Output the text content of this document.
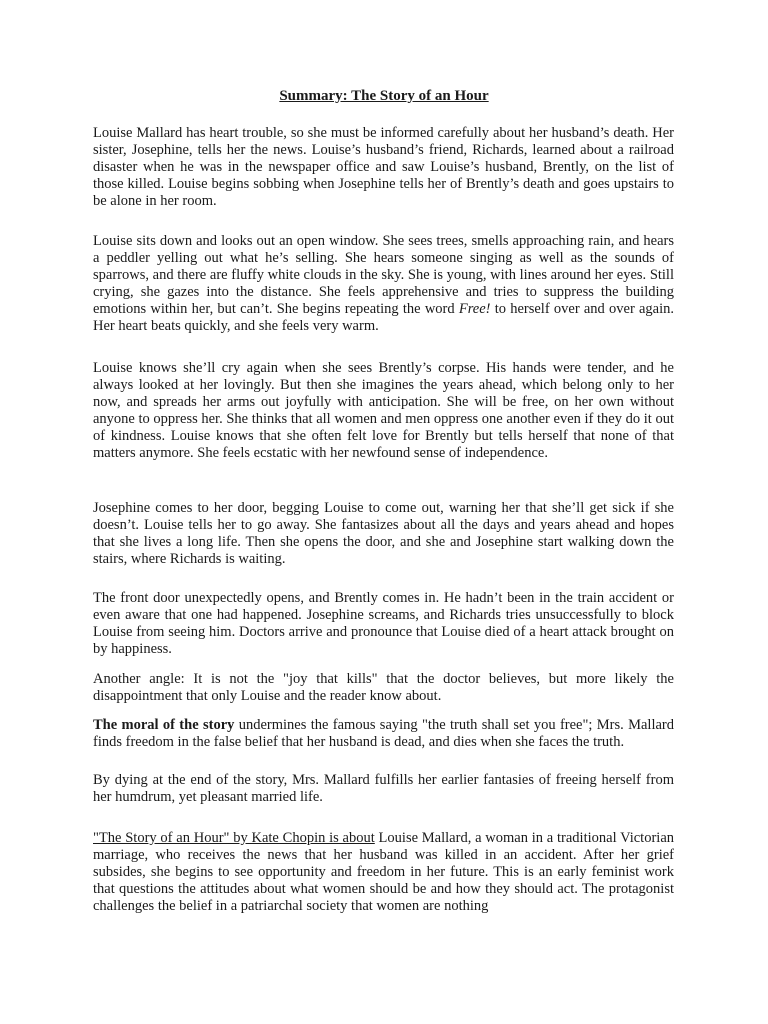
Summary: The Story of an Hour

Louise Mallard has heart trouble, so she must be informed carefully about her husband’s death. Her sister, Josephine, tells her the news. Louise’s husband’s friend, Richards, learned about a railroad disaster when he was in the newspaper office and saw Louise’s husband, Brently, on the list of those killed. Louise begins sobbing when Josephine tells her of Brently’s death and goes upstairs to be alone in her room.

Louise sits down and looks out an open window. She sees trees, smells approaching rain, and hears a peddler yelling out what he’s selling. She hears someone singing as well as the sounds of sparrows, and there are fluffy white clouds in the sky. She is young, with lines around her eyes. Still crying, she gazes into the distance. She feels apprehensive and tries to suppress the building emotions within her, but can’t. She begins repeating the word Free! to herself over and over again. Her heart beats quickly, and she feels very warm.

Louise knows she’ll cry again when she sees Brently’s corpse. His hands were tender, and he always looked at her lovingly. But then she imagines the years ahead, which belong only to her now, and spreads her arms out joyfully with anticipation. She will be free, on her own without anyone to oppress her. She thinks that all women and men oppress one another even if they do it out of kindness. Louise knows that she often felt love for Brently but tells herself that none of that matters anymore. She feels ecstatic with her newfound sense of independence.

Josephine comes to her door, begging Louise to come out, warning her that she’ll get sick if she doesn’t. Louise tells her to go away. She fantasizes about all the days and years ahead and hopes that she lives a long life. Then she opens the door, and she and Josephine start walking down the stairs, where Richards is waiting.

The front door unexpectedly opens, and Brently comes in. He hadn’t been in the train accident or even aware that one had happened. Josephine screams, and Richards tries unsuccessfully to block Louise from seeing him. Doctors arrive and pronounce that Louise died of a heart attack brought on by happiness.

Another angle: It is not the "joy that kills" that the doctor believes, but more likely the disappointment that only Louise and the reader know about.

The moral of the story undermines the famous saying "the truth shall set you free"; Mrs. Mallard finds freedom in the false belief that her husband is dead, and dies when she faces the truth.

By dying at the end of the story, Mrs. Mallard fulfills her earlier fantasies of freeing herself from her humdrum, yet pleasant married life.

"The Story of an Hour" by Kate Chopin is about Louise Mallard, a woman in a traditional Victorian marriage, who receives the news that her husband was killed in an accident. After her grief subsides, she begins to see opportunity and freedom in her future. This is an early feminist work that questions the attitudes about what women should be and how they should act. The protagonist challenges the belief in a patriarchal society that women are nothing
